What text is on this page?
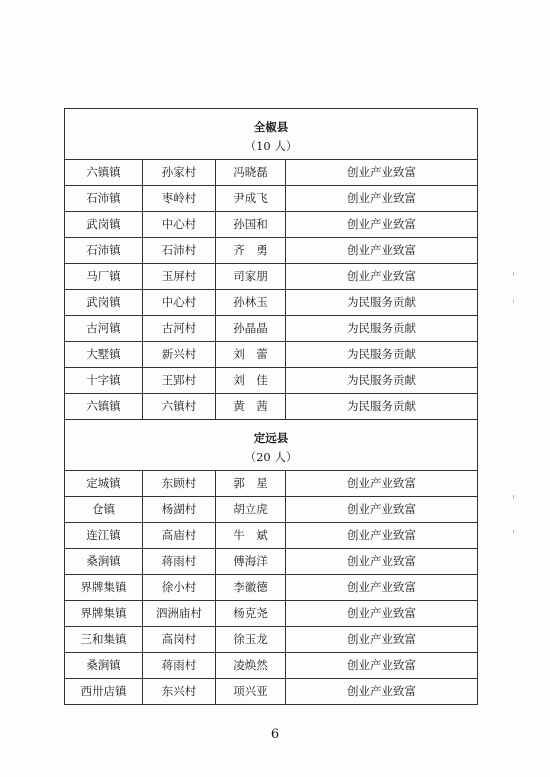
全椒县			
（10 人）			
六镇镇	孙家村	冯晓磊	创业产业致富
石沛镇	枣岭村	尹成飞	创业产业致富
武岗镇	中心村	孙国和	创业产业致富
石沛镇	石沛村	齐　勇	创业产业致富
马厂镇	玉屏村	司家朋	创业产业致富
武岗镇	中心村	孙林玉	为民服务贡献
古河镇	古河村	孙晶晶	为民服务贡献
大墅镇	新兴村	刘　蕾	为民服务贡献
十字镇	王郢村	刘　佳	为民服务贡献
六镇镇	六镇村	黄　茜	为民服务贡献
定远县			
（20 人）			
定城镇	东顾村	郭　星	创业产业致富
仓镇	杨湖村	胡立虎	创业产业致富
连江镇	高庙村	牛　斌	创业产业致富
桑涧镇	蒋雨村	傅海洋	创业产业致富
界牌集镇	徐小村	李徽德	创业产业致富
界牌集镇	泗洲庙村	杨克尧	创业产业致富
三和集镇	高岗村	徐玉龙	创业产业致富
桑涧镇	蒋雨村	凌焕然	创业产业致富
西卅店镇	东兴村	项兴亚	创业产业致富
6
